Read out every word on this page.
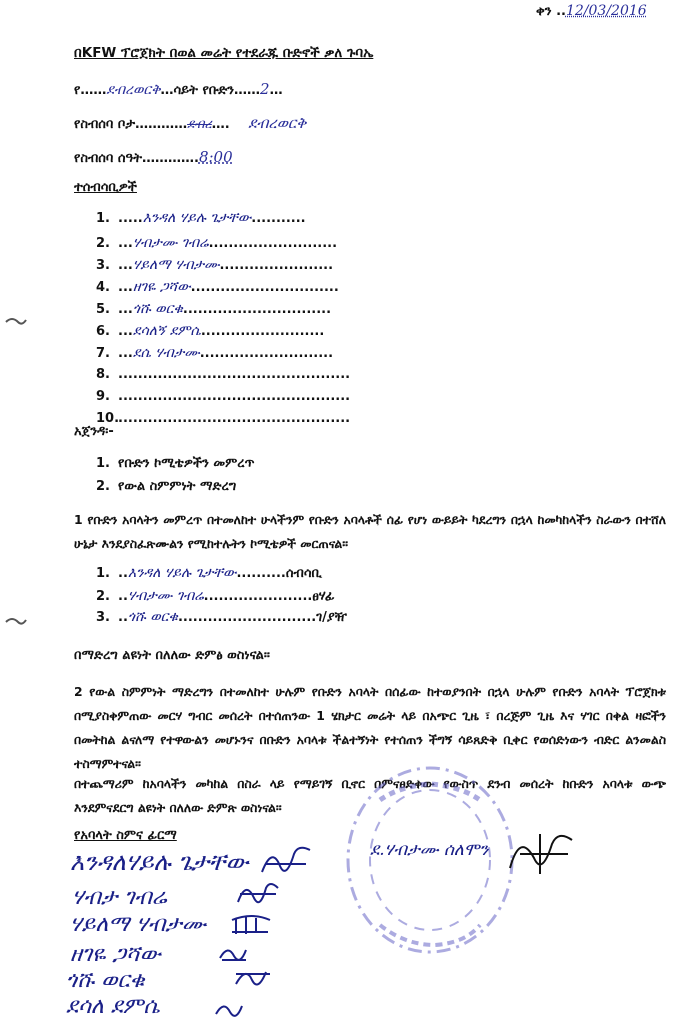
ቀን ..12/03/2016
በKFW ፕሮጀክት በወል መሬት የተደራጁ ቡድኖች ቃለ ጉባኤ
የ……ደብረወርቅ…ሳይት የቡድን……2…
የስብሰባ ቦታ…………ደብረ…. ደብረወርቅ
የስብሰባ ሰዓት………….8:00
ተሰብሳቢዎች
1. .....እንዳለ ሃይሉ ጌታቸው...........
2. ...ሃብታሙ ገብሬ..........................
3. ...ሃይለማ ሃብታሙ.......................
4. ...ዘገዬ ጋሻው..............................
5. ...ጎሹ ወርቁ..............................
6. ...ደሳለኝ ደምሴ.........................
7. ...ደሴ ሃብታሙ...........................
8. ...............................................
9. ...............................................
10................................................
አጀንዳ፡-
1. የቡድን ኮሚቴዎችን መምረጥ
2. የውል ስምምነት ማድረግ
1 የቡድን አባላትን መምረጥ በተመለከተ ሁላችንም የቡድን አባላቶች ሰፊ የሆነ ውይይት ካደረግን በኋላ ከመካከላችን ስራውን በተሸለ ሁኔታ እንደያስፈጽሙልን የሚከተሉትን ኮሚቴዎች መርጠናል፡፡
1. ..እንዳለ ሃይሉ ጌታቸው..........ሰብሳቢ
2. ..ሃብታሙ ገብሬ......................ፀሃፊ
3. ..ጎሹ ወርቁ............................ገ/ያዥ
በማድረግ ልዩነት በለለው ድምፅ ወስነናል፡፡
2 የውል ስምምነት ማድረግን በተመለከተ ሁሉም የቡድን አባላት በሰፊው ከተወያንበት በኋላ ሁሉም የቡድን አባላት ፕሮጀክቱ በሚያስቀምጠው መርሃ ግብር መሰረት በተሰጠንው 1 ሄክታር መሬት ላይ በአጭር ጊዜ ፣ በረጅም ጊዜ እና ሃገር በቀል ዛፎችን በመትከል ልናለማ የተዋውልን መሆኑንና በቡድን አባላቱ ችልተኝነት የተሰጠን ችግኝ ሳይጸድቅ ቢቀር የወሰድነውን ብድር ልንመልስ ተስማምተናል፡፡
በተጨማሪም ከአባላችን መካከል በስራ ላይ የማይገኝ ቢኖር በምናፀድቀው የውስጥ ደንብ መሰረት ከቡድን አባላቱ ውጭ እንደምናደርግ ልዩነት በለለው ድምጽ ወስነናል፡፡
የአባላት ስምና ፊርማ
እንዳለሃይሉ ጌታቸው
ሃብታ ገብሬ
ሃይለማ ሃብታሙ
ዘገዬ ጋሻው
ጎሹ ወርቁ
ደሳለ ደምሴ
ደ.ሃብታሙ ሰለሞን
